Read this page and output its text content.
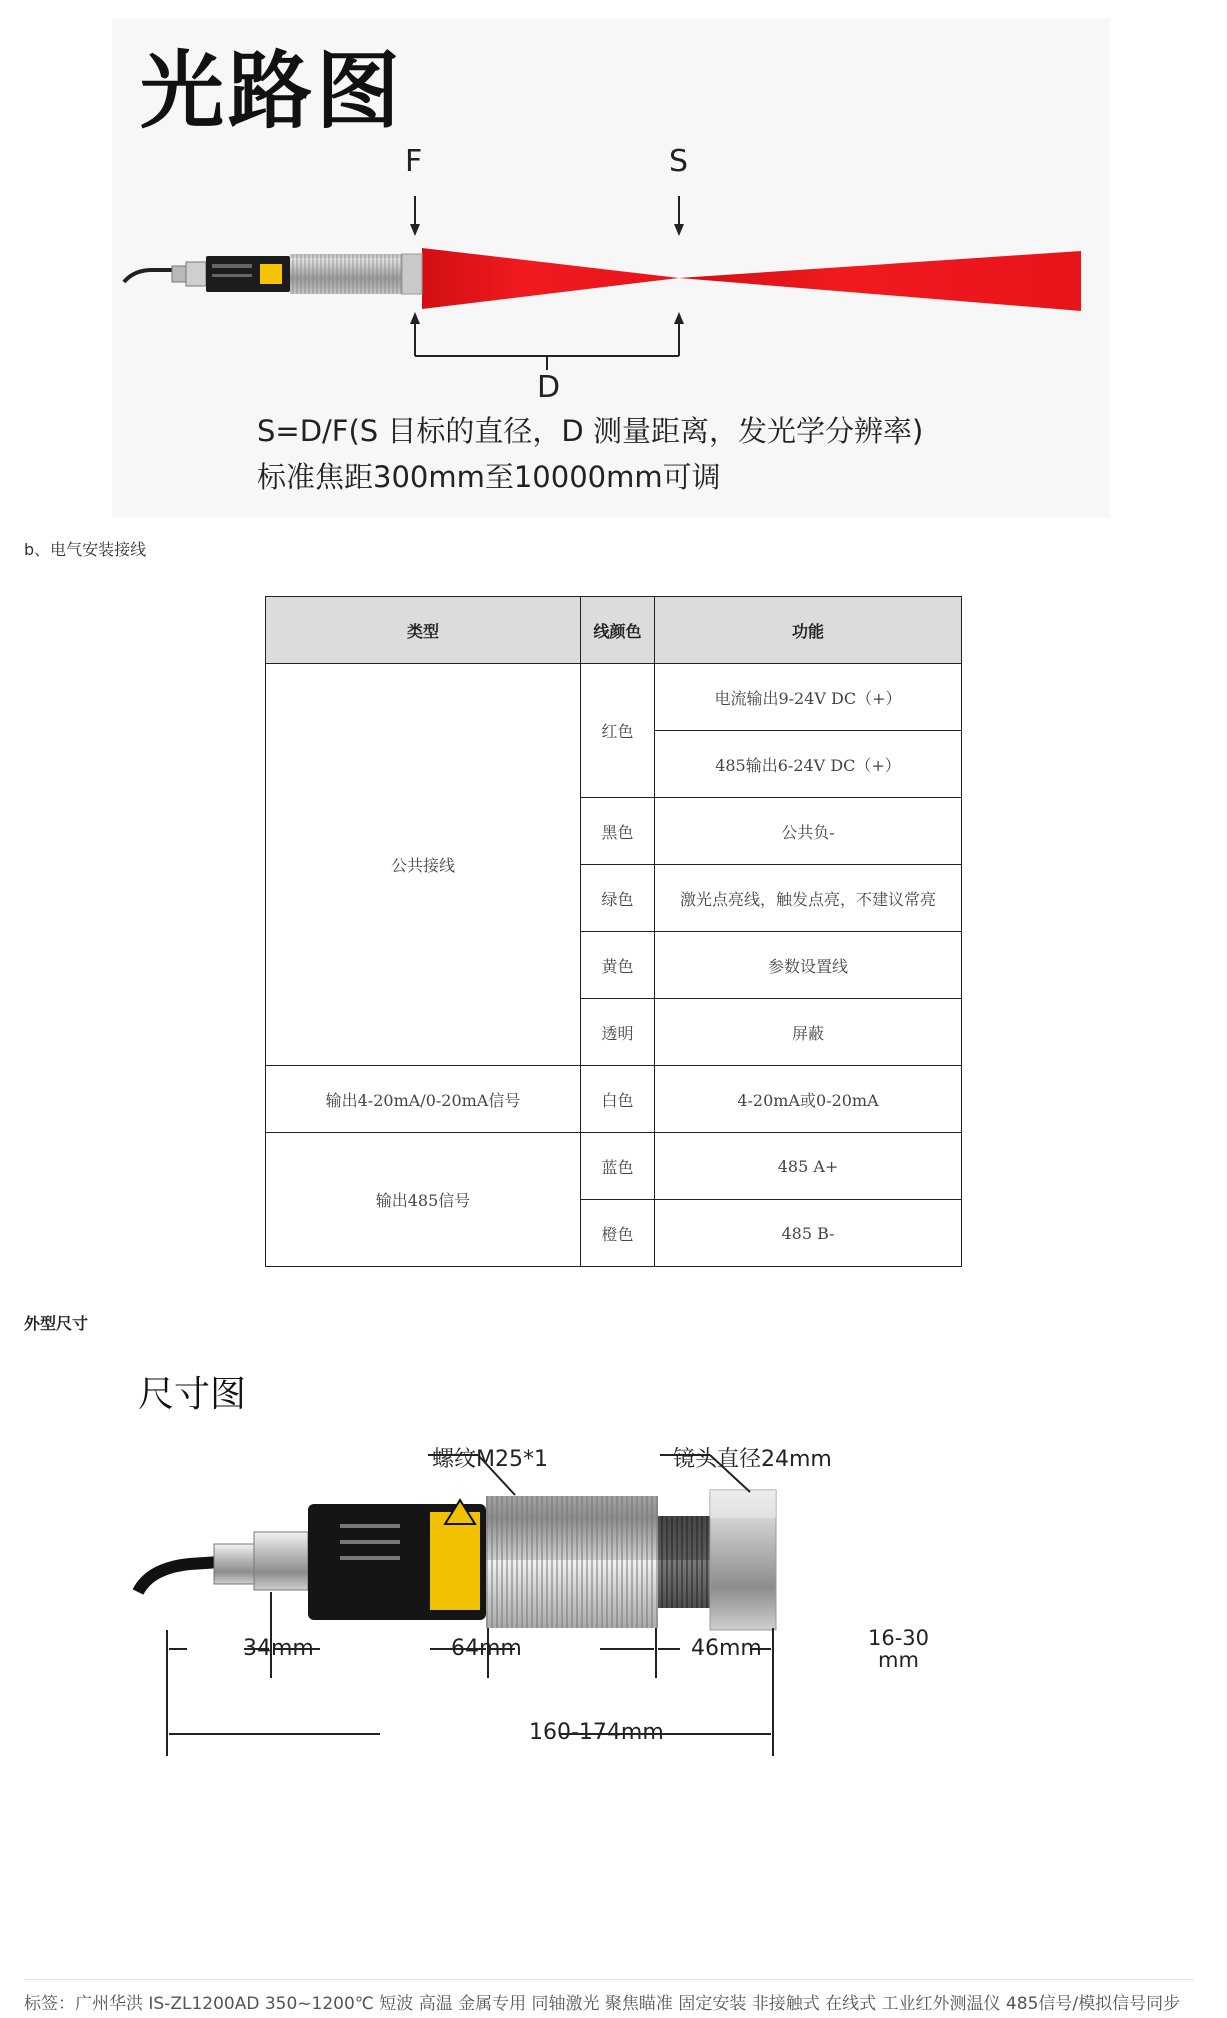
光路图
F	S
D
S=D/F(S 目标的直径，D 测量距离，发光学分辨率)
标准焦距300mm至10000mm可调
b、电气安装接线
类型	线颜色	功能
公共接线	红色	电流输出9-24V DC（+）
		485输出6-24V DC（+）
	黑色	公共负-
	绿色	激光点亮线，触发点亮，不建议常亮
	黄色	参数设置线
	透明	屏蔽
输出4-20mA/0-20mA信号	白色	4-20mA或0-20mA
输出485信号	蓝色	485 A+
	橙色	485 B-
外型尺寸
尺寸图
螺纹M25*1	镜头直径24mm
34mm	64mm	46mm	16-30
mm
160-174mm
标签：广州华洪 IS-ZL1200AD 350~1200℃ 短波 高温 金属专用 同轴激光 聚焦瞄准 固定安装 非接触式 在线式 工业红外测温仪 485信号/模拟信号同步
